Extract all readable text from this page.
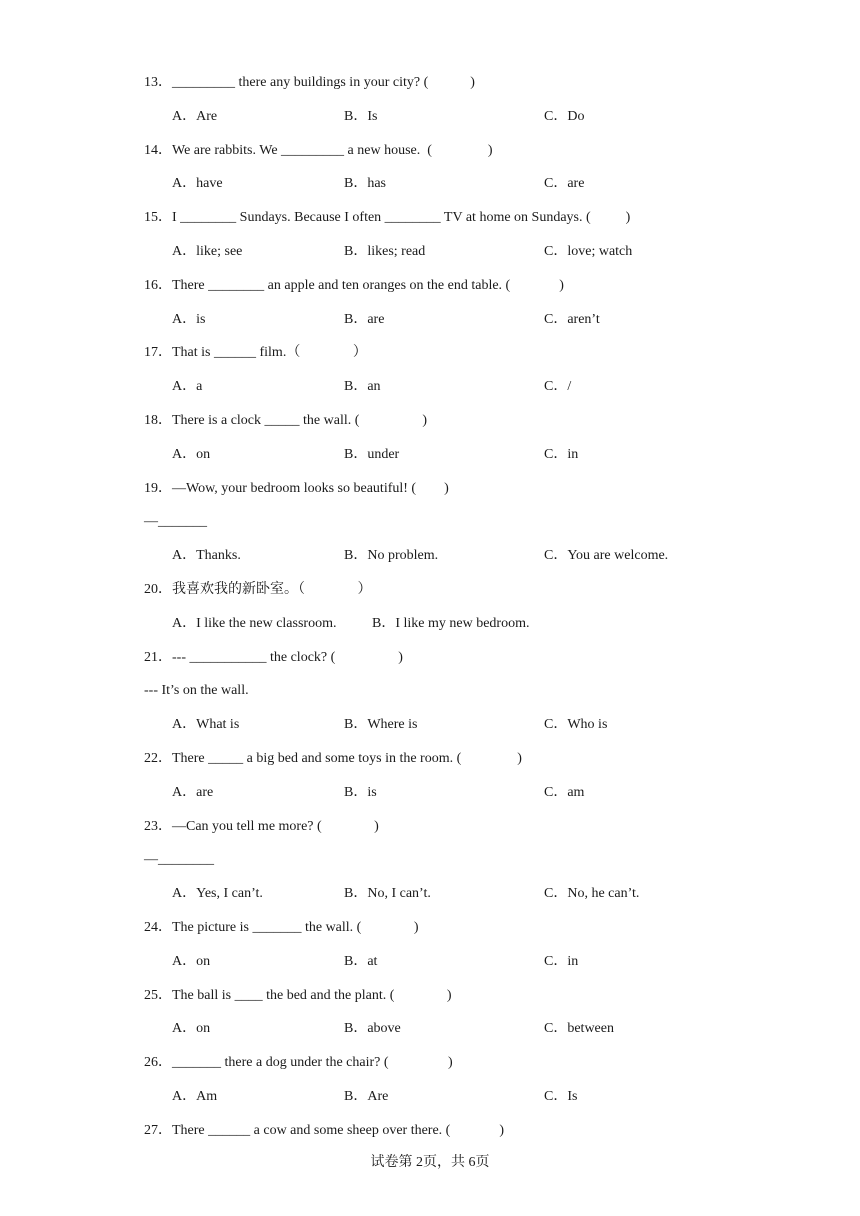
13．_________ there any buildings in your city? (            )
A．Are	B．Is	C．Do
14．We are rabbits. We _________ a new house.  (                )
A．have	B．has	C．are
15．I ________ Sundays. Because I often ________ TV at home on Sundays. (          )
A．like; see	B．likes; read	C．love; watch
16．There ________ an apple and ten oranges on the end table. (              )
A．is	B．are	C．aren’t
17．That is ______ film.（               ）
A．a	B．an	C．/
18．There is a clock _____ the wall. (                  )
A．on	B．under	C．in
19．—Wow, your bedroom looks so beautiful! (        )
—_______
A．Thanks.	B．No problem.	C．You are welcome.
20．我喜欢我的新卧室。（               ）
A．I like the new classroom.	B．I like my new bedroom.
21．--- ___________ the clock? (                  )
--- It’s on the wall.
A．What is	B．Where is	C．Who is
22．There _____ a big bed and some toys in the room. (                )
A．are	B．is	C．am
23．—Can you tell me more? (               )
—________
A．Yes, I can’t.	B．No, I can’t.	C．No, he can’t.
24．The picture is _______ the wall. (               )
A．on	B．at	C．in
25．The ball is ____ the bed and the plant. (               )
A．on	B．above	C．between
26．_______ there a dog under the chair? (                 )
A．Am	B．Are	C．Is
27．There ______ a cow and some sheep over there. (              )
试卷第 2页，共 6页
